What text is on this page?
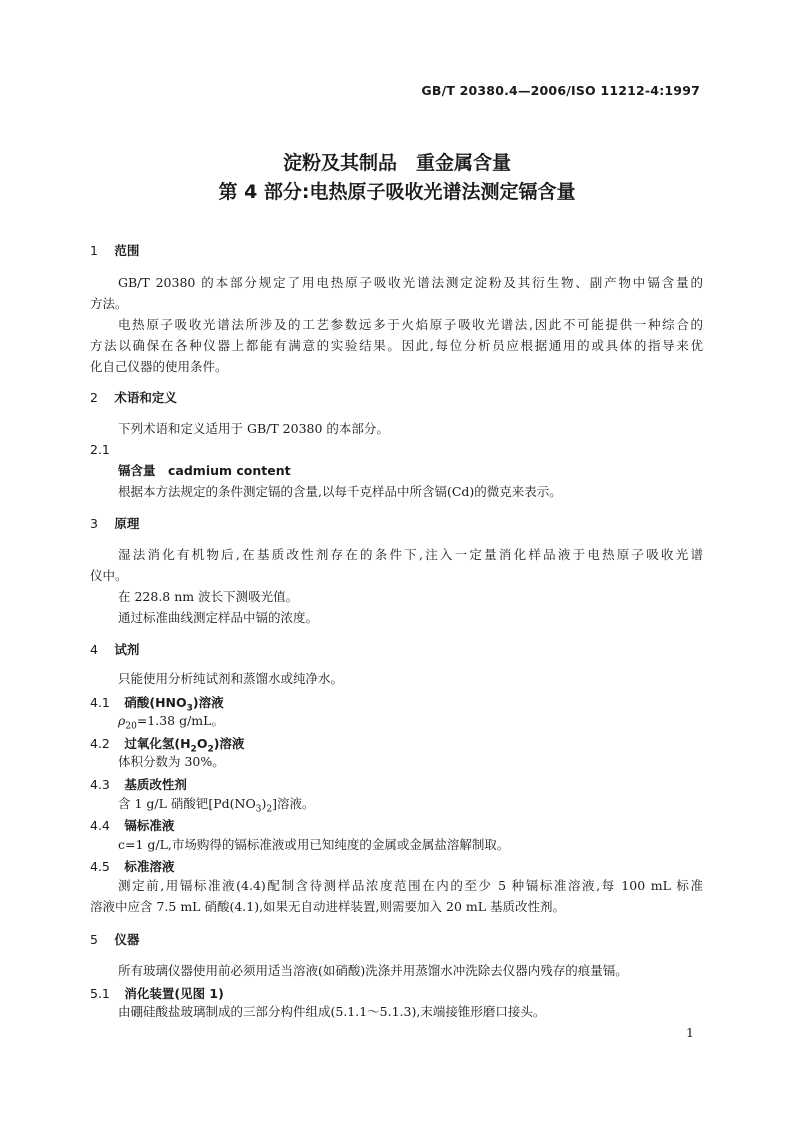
GB/T 20380.4—2006/ISO 11212-4:1997
淀粉及其制品　重金属含量
第 4 部分:电热原子吸收光谱法测定镉含量
1 范围
GB/T 20380 的本部分规定了用电热原子吸收光谱法测定淀粉及其衍生物、副产物中镉含量的
方法。
电热原子吸收光谱法所涉及的工艺参数远多于火焰原子吸收光谱法,因此不可能提供一种综合的
方法以确保在各种仪器上都能有满意的实验结果。因此,每位分析员应根据通用的或具体的指导来优
化自己仪器的使用条件。
2 术语和定义
下列术语和定义适用于 GB/T 20380 的本部分。
2.1
镉含量　cadmium content
根据本方法规定的条件测定镉的含量,以每千克样品中所含镉(Cd)的微克来表示。
3 原理
湿法消化有机物后,在基质改性剂存在的条件下,注入一定量消化样品液于电热原子吸收光谱
仪中。
在 228.8 nm 波长下测吸光值。
通过标准曲线测定样品中镉的浓度。
4 试剂
只能使用分析纯试剂和蒸馏水或纯净水。
4.1 硝酸$(HNO_3)$溶液
$\rho_{20}=1.38$ g/mL。
4.2 过氧化氢$(H_2O_2)$溶液
体积分数为 30%。
4.3 基质改性剂
含 1 g/L 硝酸钯$[Pd(NO_3)_2]$溶液。
4.4 镉标准液
c=1 g/L,市场购得的镉标准液或用已知纯度的金属或金属盐溶解制取。
4.5 标准溶液
测定前,用镉标准液(4.4)配制含待测样品浓度范围在内的至少 5 种镉标准溶液,每 100 mL 标准
溶液中应含 7.5 mL 硝酸(4.1),如果无自动进样装置,则需要加入 20 mL 基质改性剂。
5 仪器
所有玻璃仪器使用前必须用适当溶液(如硝酸)洗涤并用蒸馏水冲洗除去仪器内残存的痕量镉。
5.1 消化装置(见图 1)
由硼硅酸盐玻璃制成的三部分构件组成(5.1.1～5.1.3),末端接锥形磨口接头。
1
